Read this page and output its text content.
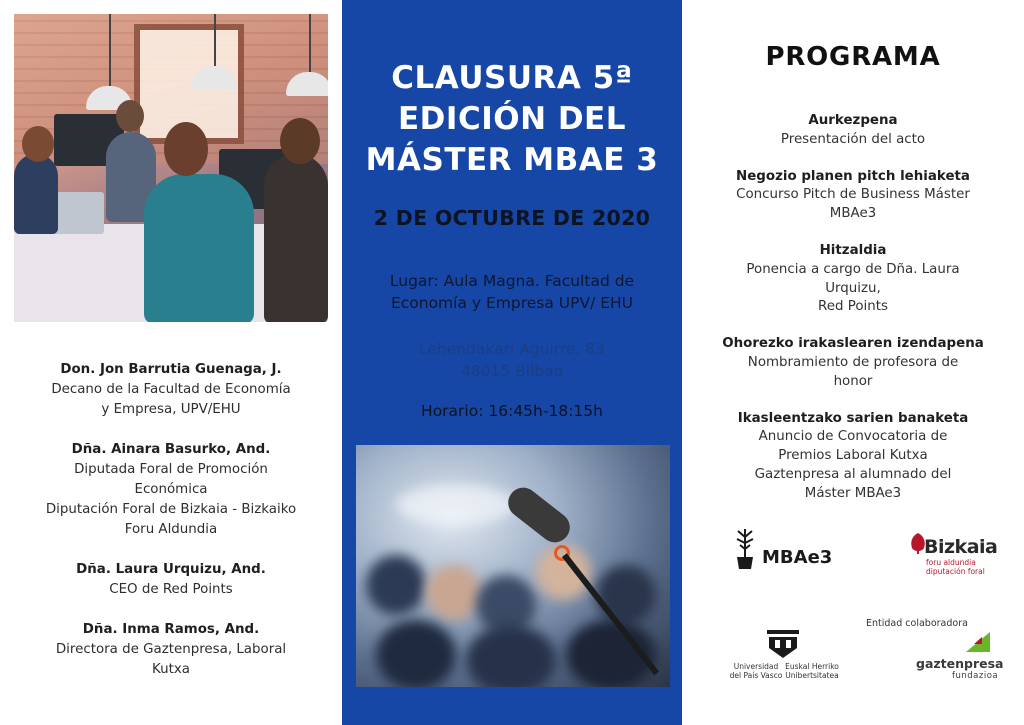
Don. Jon Barrutia Guenaga, J.
Decano de la Facultad de Economía
y Empresa, UPV/EHU
Dña. Ainara Basurko, And.
Diputada Foral de Promoción
Económica
Diputación Foral de Bizkaia - Bizkaiko
Foru Aldundia
Dña. Laura Urquizu, And.
CEO de Red Points
Dña. Inma Ramos, And.
Directora de Gaztenpresa, Laboral
Kutxa
CLAUSURA 5ª
EDICIÓN DEL
MÁSTER MBAE 3
2 DE OCTUBRE DE 2020
Lugar: Aula Magna. Facultad de Economía y Empresa UPV/ EHU
Lehendakari Aguirre, 83
48015 Bilbao
Horario: 16:45h-18:15h
PROGRAMA
Aurkezpena
Presentación del acto
Negozio planen pitch lehiaketa
Concurso Pitch de Business Máster
MBAe3
Hitzaldia
Ponencia a cargo de Dña. Laura
Urquizu,
Red Points
Ohorezko irakaslearen izendapena
Nombramiento de profesora de
honor
Ikasleentzako sarien banaketa
Anuncio de Convocatoria de
Premios Laboral Kutxa
Gaztenpresa al alumnado del
Máster MBAe3
MBAe3	Bizkaia
foru aldundia
diputación foral
Entidad colaboradora
Universidad
del País Vasco
Euskal Herriko
Unibertsitatea
gaztenpresa
fundazioa
